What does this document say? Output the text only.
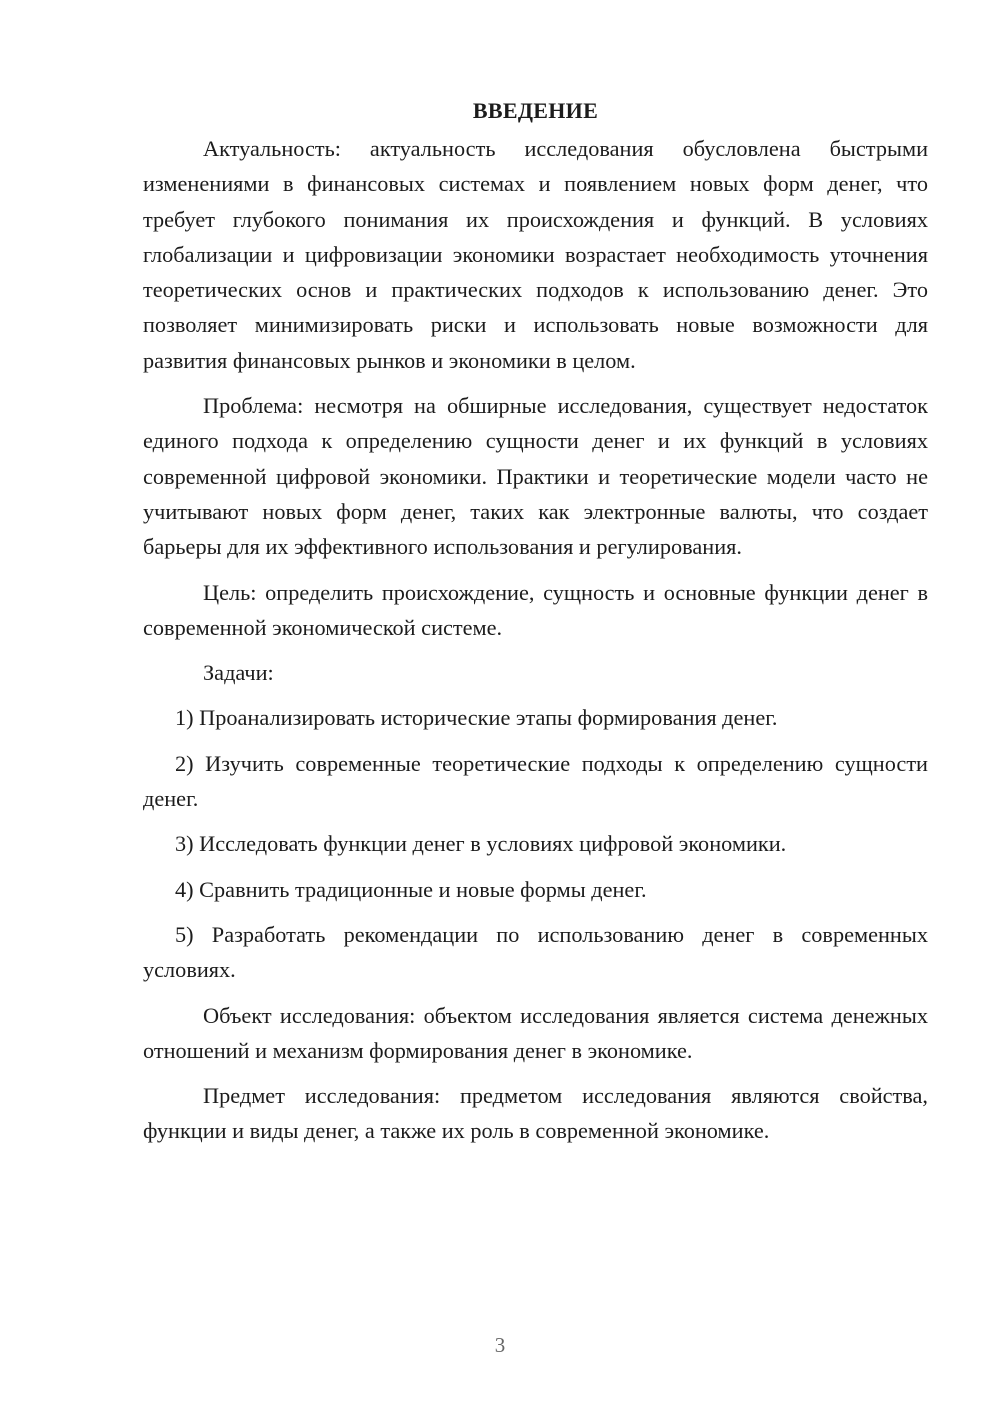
ВВЕДЕНИЕ

Актуальность: актуальность исследования обусловлена быстрыми изменениями в финансовых системах и появлением новых форм денег, что требует глубокого понимания их происхождения и функций. В условиях глобализации и цифровизации экономики возрастает необходимость уточнения теоретических основ и практических подходов к использованию денег. Это позволяет минимизировать риски и использовать новые возможности для развития финансовых рынков и экономики в целом.

Проблема: несмотря на обширные исследования, существует недостаток единого подхода к определению сущности денег и их функций в условиях современной цифровой экономики. Практики и теоретические модели часто не учитывают новых форм денег, таких как электронные валюты, что создает барьеры для их эффективного использования и регулирования.

Цель: определить происхождение, сущность и основные функции денег в современной экономической системе.

Задачи:

1) Проанализировать исторические этапы формирования денег.

2) Изучить современные теоретические подходы к определению сущности денег.

3) Исследовать функции денег в условиях цифровой экономики.

4) Сравнить традиционные и новые формы денег.

5) Разработать рекомендации по использованию денег в современных условиях.

Объект исследования: объектом исследования является система денежных отношений и механизм формирования денег в экономике.

Предмет исследования: предметом исследования являются свойства, функции и виды денег, а также их роль в современной экономике.

3
